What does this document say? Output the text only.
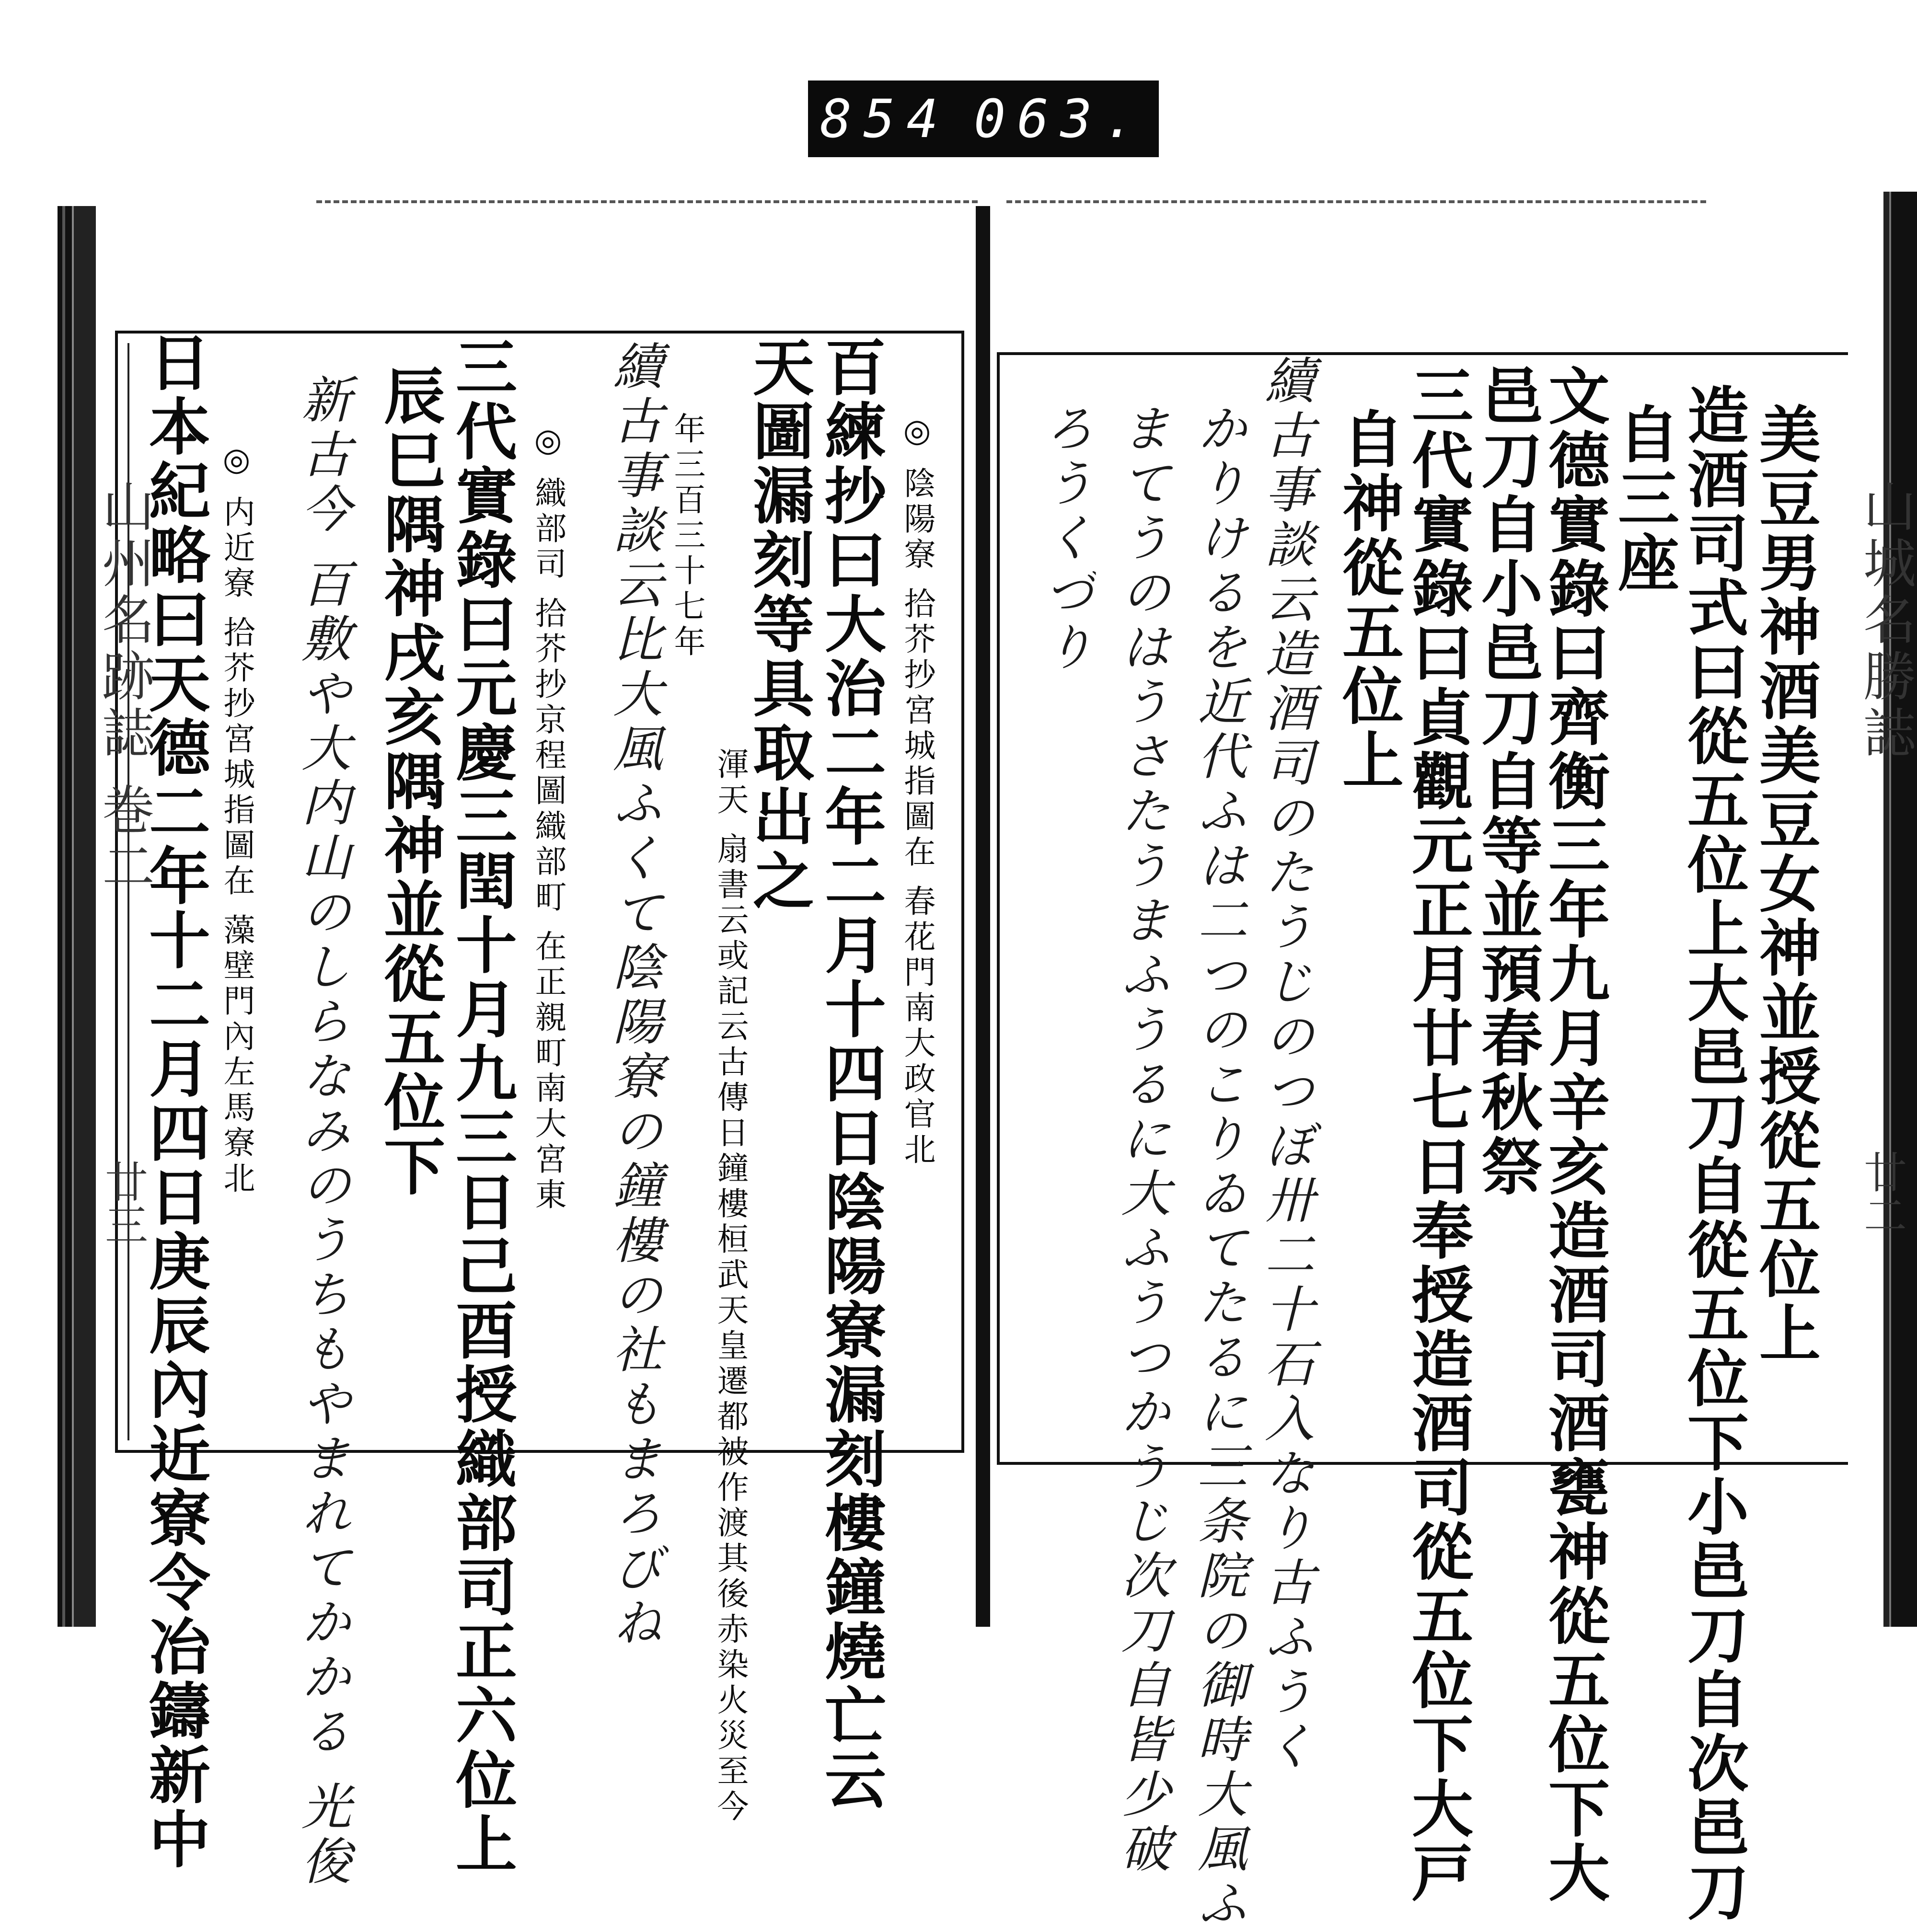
854 063.
山城名勝誌
廿二

美豆男神酒美豆女神並授從五位上

造酒司式曰從五位上大邑刀自從五位下小邑刀自次邑刀

自三座

文德實錄曰齊衡三年九月辛亥造酒司酒甕神從五位下大

邑刀自小邑刀自等並預春秋祭

三代實錄曰貞觀元正月廿七日奉授造酒司從五位下大戸

自神從五位上

續古事談云造酒司のたうじのつぼ卅二十石入なり古ふうく

かりけるを近代ふは二つのこりゐてたるに三条院の御時大風ふ

まてうのはうさたうまふうるに大ふうつかうじ次刀自皆少破

ろうくづり

山州名跡誌 巻二
廿三

◎ 陰陽寮 拾芥抄宮城指圖在 春花門南大政官北

百練抄曰大治二年二月十四日陰陽寮漏刻樓鐘燒亡云

天圖漏刻等具取出之

渾天 扇書云或記云古傳日鐘樓桓武天皇遷都被作渡其後赤染火災至今

年三百三十七年

續古事談云比大風ふくて陰陽寮の鐘樓の社もまろびね

◎ 織部司 拾芥抄京程圖織部町 在正親町南大宮東

三代實錄曰元慶三閏十月九三日己酉授織部司正六位上

辰巳隅神戌亥隅神並從五位下

新古今 百敷や大内山のしらなみのうちもやまれてかかる 光俊

◎ 内近寮 拾芥抄宮城指圖在 藻壁門內左馬寮北

日本紀略曰天德二年十二月四日庚辰內近寮令冶鑄新中
